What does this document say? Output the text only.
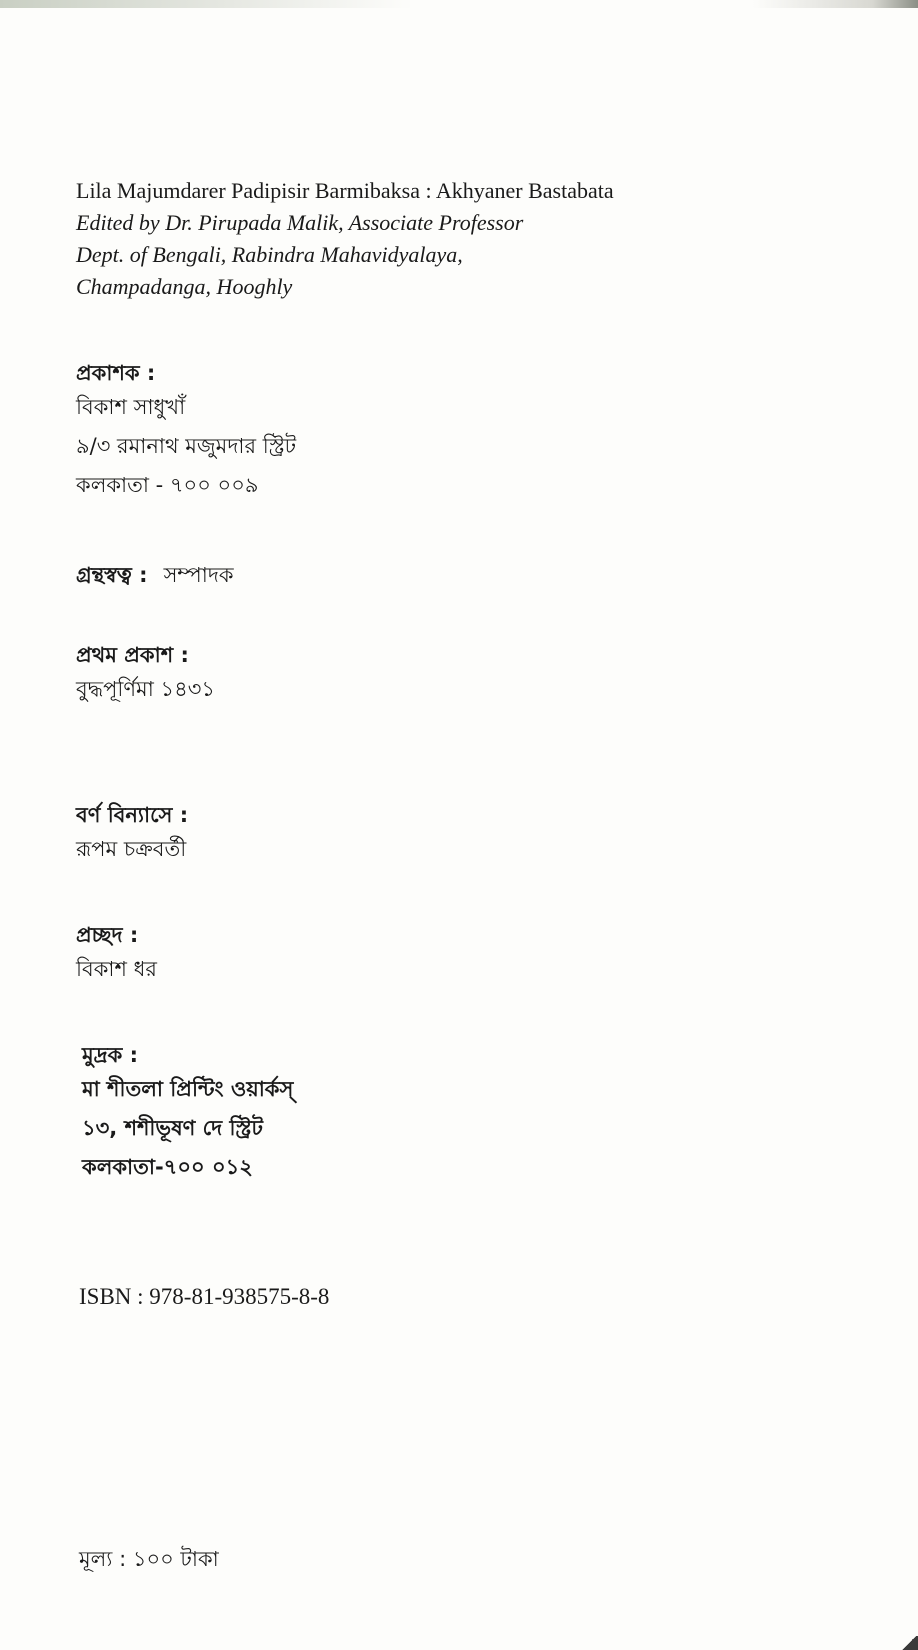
Lila Majumdarer Padipisir Barmibaksa : Akhyaner Bastabata
Edited by Dr. Pirupada Malik, Associate Professor
Dept. of Bengali, Rabindra Mahavidyalaya,
Champadanga, Hooghly
প্রকাশক :
বিকাশ সাধুখাঁ
৯/৩ রমানাথ মজুমদার স্ট্রিট
কলকাতা - ৭০০ ০০৯
গ্রন্থস্বত্ব : সম্পাদক
প্রথম প্রকাশ :
বুদ্ধপূর্ণিমা ১৪৩১
বর্ণ বিন্যাসে :
রূপম চক্রবর্তী
প্রচ্ছদ :
বিকাশ ধর
মুদ্রক :
মা শীতলা প্রিন্টিং ওয়ার্কস্
১৩, শশীভূষণ দে স্ট্রিট
কলকাতা-৭০০ ০১২
ISBN : 978-81-938575-8-8
মূল্য : ১০০ টাকা
